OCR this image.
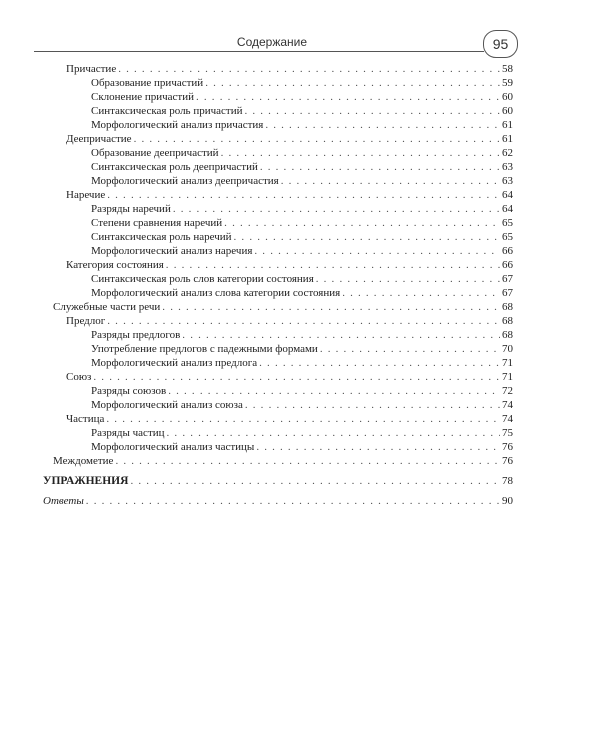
Содержание	95
Причастие . . .	58
Образование причастий . . .	59
Склонение причастий . . .	60
Синтаксическая роль причастий . . .	60
Морфологический анализ причастия . . .	61
Деепричастие . . .	61
Образование деепричастий . . .	62
Синтаксическая роль деепричастий . . .	63
Морфологический анализ деепричастия . . .	63
Наречие . . .	64
Разряды наречий . . .	64
Степени сравнения наречий . . .	65
Синтаксическая роль наречий . . .	65
Морфологический анализ наречия . . .	66
Категория состояния . . .	66
Синтаксическая роль слов категории состояния . . .	67
Морфологический анализ слова категории состояния . . .	67
Служебные части речи . . .	68
Предлог . . .	68
Разряды предлогов . . .	68
Употребление предлогов с падежными формами . . .	70
Морфологический анализ предлога . . .	71
Союз . . .	71
Разряды союзов . . .	72
Морфологический анализ союза . . .	74
Частица . . .	74
Разряды частиц . . .	75
Морфологический анализ частицы . . .	76
Междометие . . .	76
УПРАЖНЕНИЯ . . .	78
Ответы . . .	90
